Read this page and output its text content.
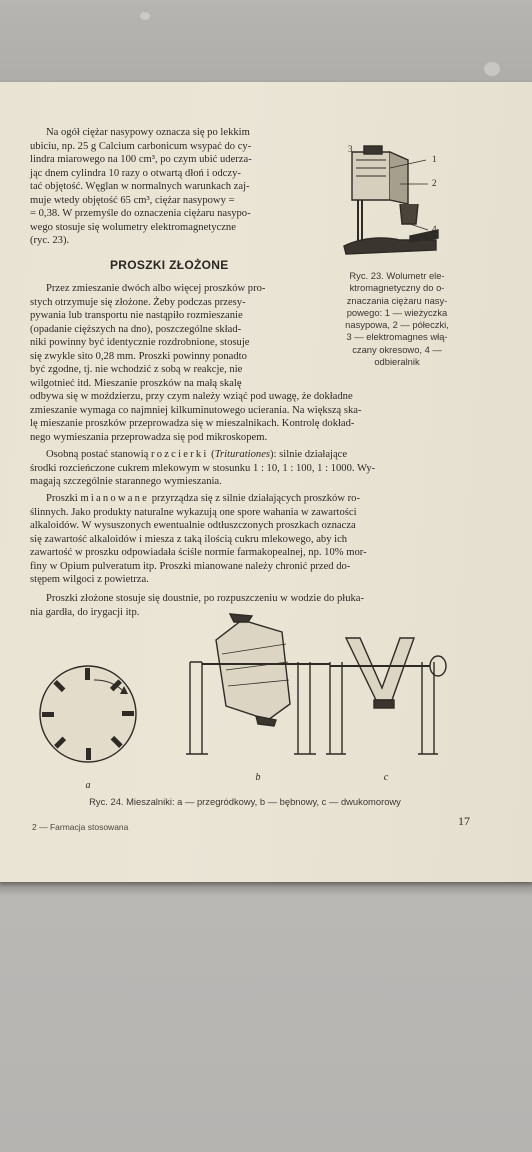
Na ogół ciężar nasypowy oznacza się po lekkim

ubiciu, np. 25 g Calcium carbonicum wsypać do cy-

lindra miarowego na 100 cm³, po czym ubić uderza-

jąc dnem cylindra 10 razy o otwartą dłoń i odczy-

tać objętość. Węglan w normalnych warunkach zaj-

muje wtedy objętość 65 cm³, ciężar nasypowy =

= 0,38. W przemyśle do oznaczenia ciężaru nasypo-

wego stosuje się wolumetry elektromagnetyczne

(ryc. 23).

3
1
2
4
Ryc. 23. Wolumetr ele-
ktromagnetyczny do o-
znaczania ciężaru nasy-
powego: 1 — wieżyczka
nasypowa, 2 — półeczki,
3 — elektromagnes włą-
czany okresowo, 4 —
odbieralnik
PROSZKI ZŁOŻONE

Przez zmieszanie dwóch albo więcej proszków pro-

stych otrzymuje się złożone. Żeby podczas przesy-

pywania lub transportu nie nastąpiło rozmieszanie

(opadanie cięższych na dno), poszczególne skład-

niki powinny być identycznie rozdrobnione, stosuje

się zwykle sito 0,28 mm. Proszki powinny ponadto

być zgodne, tj. nie wchodzić z sobą w reakcje, nie

wilgotnieć itd. Mieszanie proszków na małą skalę

odbywa się w moździerzu, przy czym należy wziąć pod uwagę, że dokładne

zmieszanie wymaga co najmniej kilkuminutowego ucierania. Na większą ska-

lę mieszanie proszków przeprowadza się w mieszalnikach. Kontrolę dokład-

nego wymieszania przeprowadza się pod mikroskopem.

Osobną postać stanowią rozcierki (Triturationes): silnie działające

środki rozcieńczone cukrem mlekowym w stosunku 1 : 10, 1 : 100, 1 : 1000. Wy-

magają szczególnie starannego wymieszania.

Proszki mianowane przyrządza się z silnie działających proszków ro-

ślinnych. Jako produkty naturalne wykazują one spore wahania w zawartości

alkaloidów. W wysuszonych ewentualnie odtłuszczonych proszkach oznacza

się zawartość alkaloidów i miesza z taką ilością cukru mlekowego, aby ich

zawartość w proszku odpowiadała ściśle normie farmakopealnej, np. 10% mor-

finy w Opium pulveratum itp. Proszki mianowane należy chronić przed do-

stępem wilgoci z powietrza.

Proszki złożone stosuje się doustnie, po rozpuszczeniu w wodzie do płuka-

nia gardła, do irygacji itp.

a
b	c
Ryc. 24. Mieszalniki: a — przegródkowy, b — bębnowy, c — dwukomorowy
2 — Farmacja stosowana	17
